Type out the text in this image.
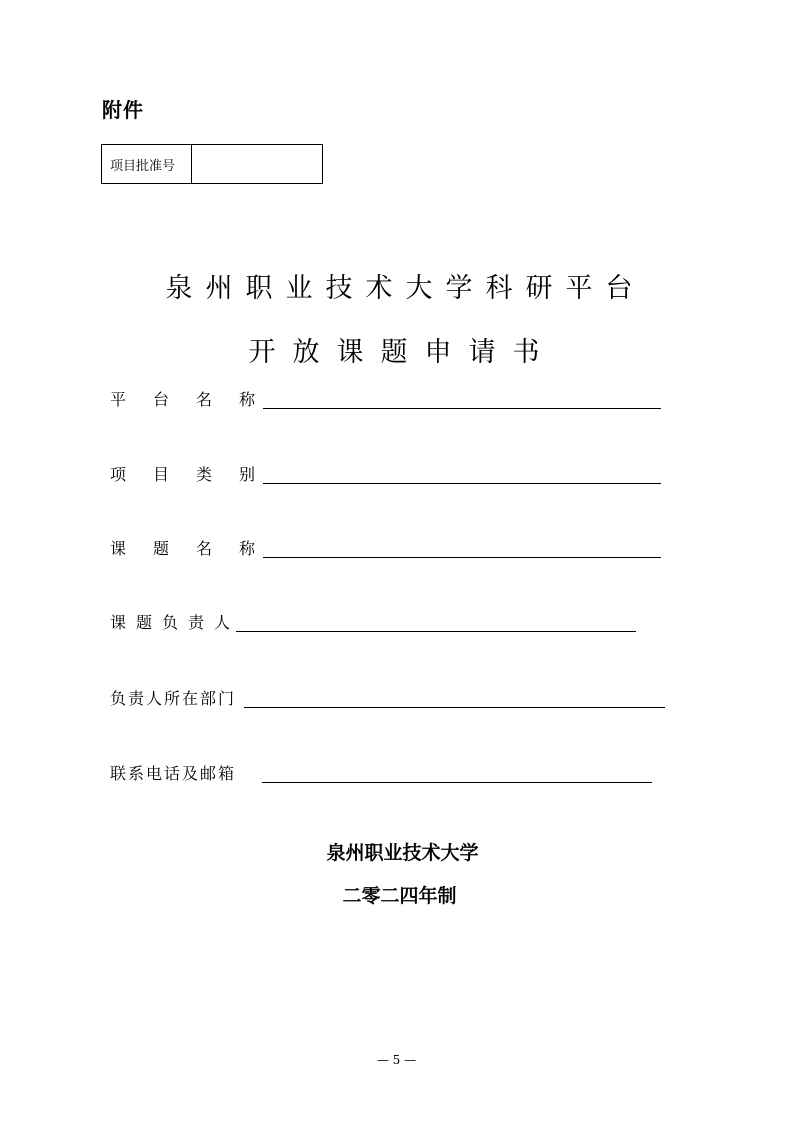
附件
项目批准号
泉州职业技术大学科研平台
开放课题申请书
平台名称
项目类别
课题名称
课题负责人
负责人所在部门
联系电话及邮箱
泉州职业技术大学
二零二四年制
— 5 —
